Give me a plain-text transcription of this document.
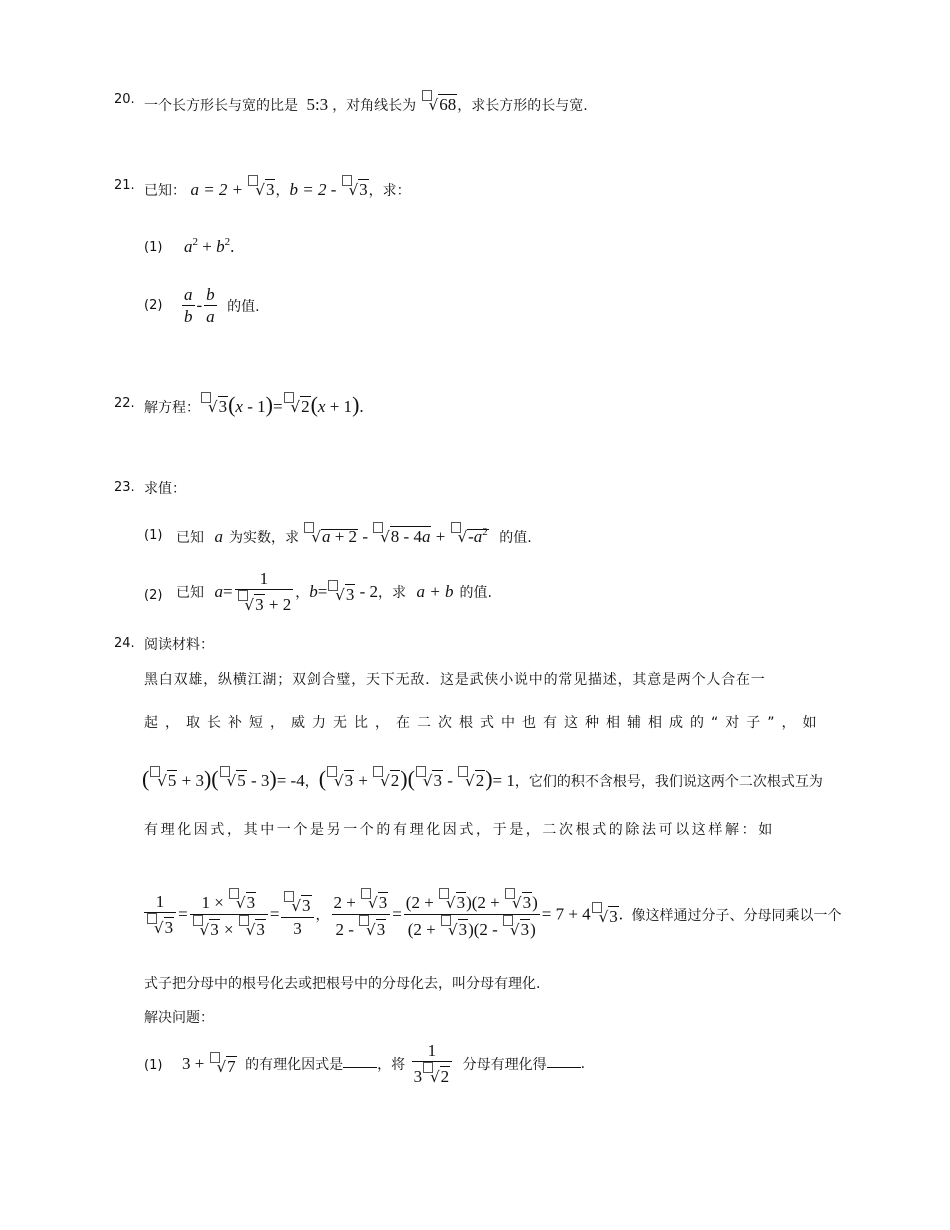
20. 一个长方形长与宽的比是 5:3 ，对角线长为 √68，求长方形的长与宽.
21. 已知： a = 2 + √3，b = 2 - √3，求：
(1) $a^2 + b^2$.
$(2) \frac{a}{b} - \frac{b}{a}$ 的值.
22. 解方程： √3(x - 1)= √2(x + 1).
23. 求值：
(1) 已知 a 为实数，求 $√a + 2 - √8 - 4a + √-a^2$ 的值.
(2) 已知 $a= \frac{1}{√3 + 2}$ ，b= √3 - 2，求 a + b 的值.
24. 阅读材料：
黑白双雄，纵横江湖；双剑合璧，天下无敌．这是武侠小说中的常见描述，其意是两个人合在一
起，取长补短，威力无比，在二次根式中也有这种相辅相成的“对子”，如
( √5 + 3)( √5 - 3)= -4，( √3 + √2)( √3 - √2)= 1，它们的积不含根号，我们说这两个二次根式互为
有理化因式，其中一个是另一个的有理化因式，于是，二次根式的除法可以这样解：如
$\frac{1}{√3} = \frac{1 \times √3}{√3 \times √3} = \frac{√3}{3}$ ， $\frac{2 + √3}{2 - √3} = \frac{(2 + √3)(2 + √3)}{(2 + √3)(2 - √3)} = 7 + 4$ √3. 像这样通过分子、分母同乘以一个
式子把分母中的根号化去或把根号中的分母化去，叫分母有理化.
解决问题：
(1) 3 + √7 的有理化因式是 ，将 $\frac{1}{3 √2}$ 分母有理化得 .
